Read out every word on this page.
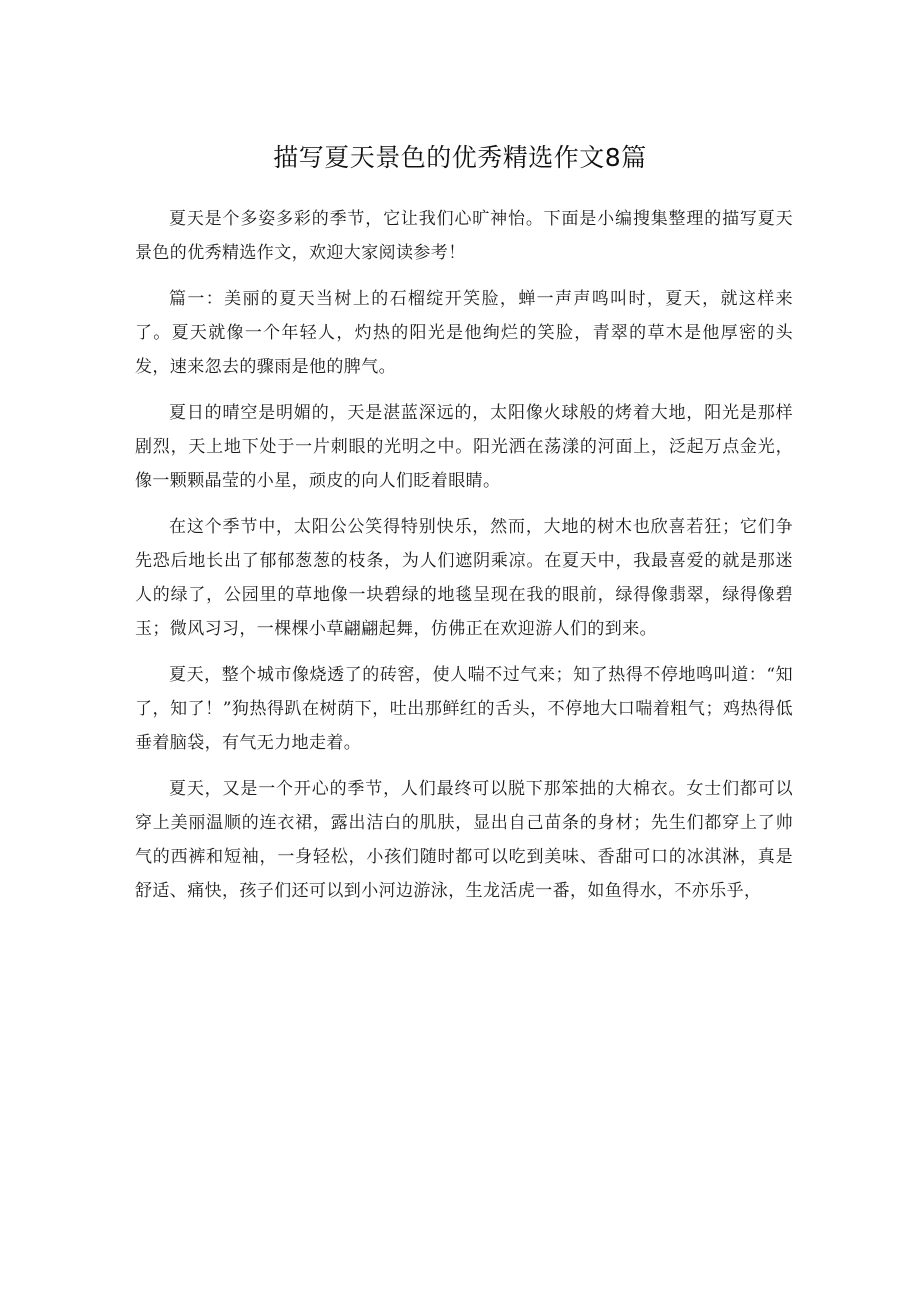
描写夏天景色的优秀精选作文8篇

夏天是个多姿多彩的季节，它让我们心旷神怡。下面是小编搜集整理的描写夏天景色的优秀精选作文，欢迎大家阅读参考！

篇一：美丽的夏天当树上的石榴绽开笑脸，蝉一声声鸣叫时，夏天，就这样来了。夏天就像一个年轻人，灼热的阳光是他绚烂的笑脸，青翠的草木是他厚密的头发，速来忽去的骤雨是他的脾气。

夏日的晴空是明媚的，天是湛蓝深远的，太阳像火球般的烤着大地，阳光是那样剧烈，天上地下处于一片刺眼的光明之中。阳光洒在荡漾的河面上，泛起万点金光，像一颗颗晶莹的小星，顽皮的向人们眨着眼睛。

在这个季节中，太阳公公笑得特别快乐，然而，大地的树木也欣喜若狂；它们争先恐后地长出了郁郁葱葱的枝条，为人们遮阴乘凉。在夏天中，我最喜爱的就是那迷人的绿了，公园里的草地像一块碧绿的地毯呈现在我的眼前，绿得像翡翠，绿得像碧玉；微风习习，一棵棵小草翩翩起舞，仿佛正在欢迎游人们的到来。

夏天，整个城市像烧透了的砖窖，使人喘不过气来；知了热得不停地鸣叫道：“知了，知了！”狗热得趴在树荫下，吐出那鲜红的舌头，不停地大口喘着粗气；鸡热得低垂着脑袋，有气无力地走着。

夏天，又是一个开心的季节，人们最终可以脱下那笨拙的大棉衣。女士们都可以穿上美丽温顺的连衣裙，露出洁白的肌肤，显出自己苗条的身材；先生们都穿上了帅气的西裤和短袖，一身轻松，小孩们随时都可以吃到美味、香甜可口的冰淇淋，真是舒适、痛快，孩子们还可以到小河边游泳，生龙活虎一番，如鱼得水，不亦乐乎，
